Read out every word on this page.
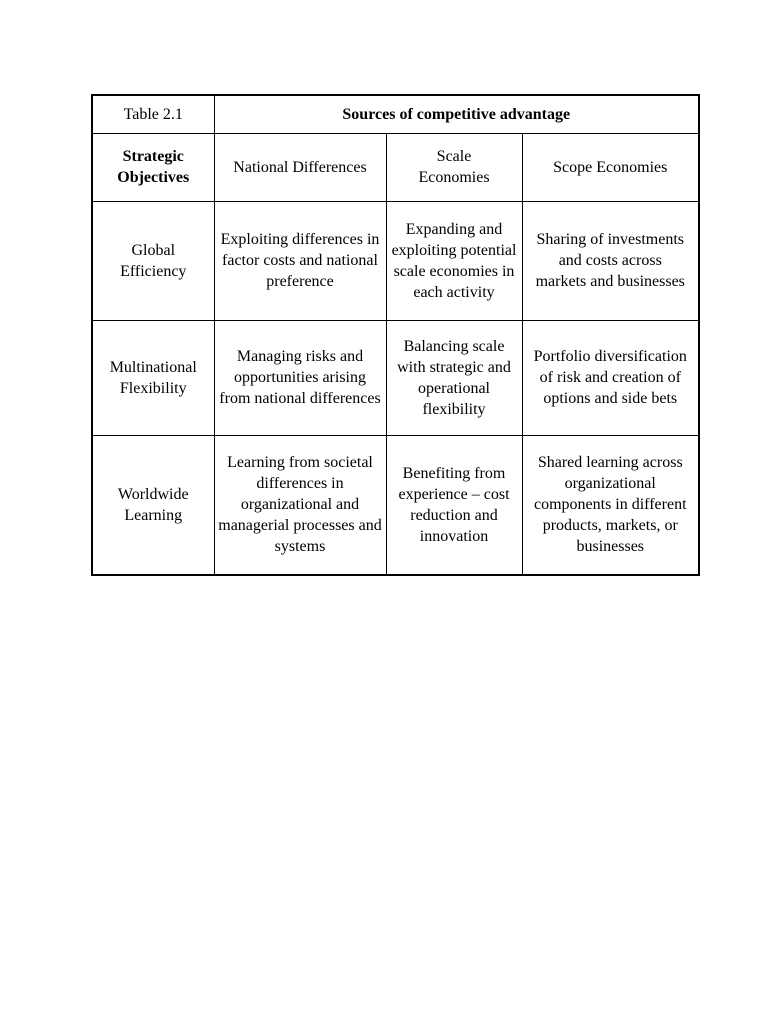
Table 2.1	Sources of competitive advantage		

Strategic Objectives	National Differences	Scale Economies	Scope Economies

Global Efficiency	Exploiting differences in factor costs and national preference	Expanding and exploiting potential scale economies in each activity	Sharing of investments and costs across markets and businesses

Multinational Flexibility	Managing risks and opportunities arising from national differences	Balancing scale with strategic and operational flexibility	Portfolio diversification of risk and creation of options and side bets

Worldwide Learning	Learning from societal differences in organizational and managerial processes and systems	Benefiting from experience – cost reduction and innovation	Shared learning across organizational components in different products, markets, or businesses
